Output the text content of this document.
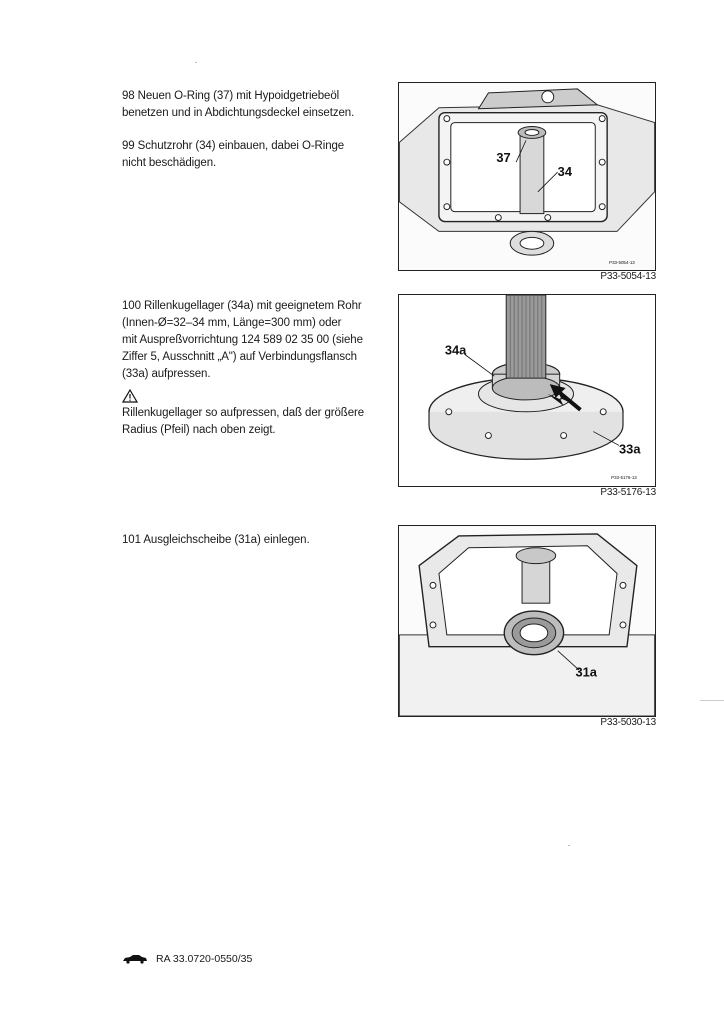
98 Neuen O-Ring (37) mit Hypoidgetriebeöl

benetzen und in Abdichtungsdeckel einsetzen.

99 Schutzrohr (34) einbauen, dabei O-Ringe

nicht beschädigen.	37
34
P33-5054-13
P33-5054-13

100 Rillenkugellager (34a) mit geeignetem Rohr

(Innen-Ø=32–34 mm, Länge=300 mm) oder

mit Auspreßvorrichtung 124 589 02 35 00 (siehe

Ziffer 5, Ausschnitt „A") auf Verbindungsflansch

(33a) aufpressen.

Rillenkugellager so aufpressen, daß der größere

Radius (Pfeil) nach oben zeigt.

34a
33a
P33-5176-13
P33-5176-13

101 Ausgleichscheibe (31a) einlegen.

31a
P33-5030-13
RA 33.0720-0550/35
